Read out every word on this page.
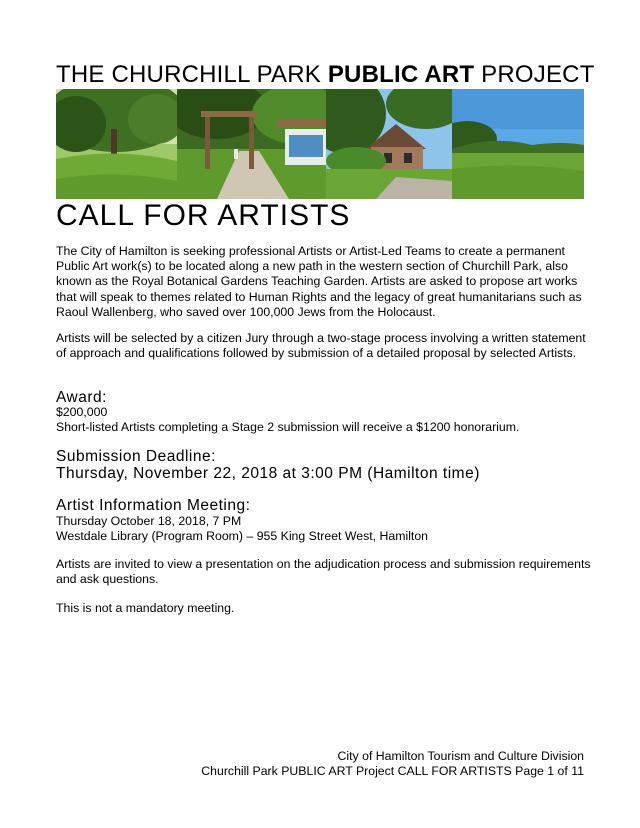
THE CHURCHILL PARK PUBLIC ART PROJECT
CALL FOR ARTISTS

The City of Hamilton is seeking professional Artists or Artist-Led Teams to create a permanent Public Art work(s) to be located along a new path in the western section of Churchill Park, also known as the Royal Botanical Gardens Teaching Garden. Artists are asked to propose art works that will speak to themes related to Human Rights and the legacy of great humanitarians such as Raoul Wallenberg, who saved over 100,000 Jews from the Holocaust.

Artists will be selected by a citizen Jury through a two-stage process involving a written statement of approach and qualifications followed by submission of a detailed proposal by selected Artists.

Award:
$200,000
Short-listed Artists completing a Stage 2 submission will receive a $1200 honorarium.
Submission Deadline:
Thursday, November 22, 2018 at 3:00 PM (Hamilton time)
Artist Information Meeting:
Thursday October 18, 2018, 7 PM
Westdale Library (Program Room) – 955 King Street West, Hamilton

Artists are invited to view a presentation on the adjudication process and submission requirements and ask questions.

This is not a mandatory meeting.
City of Hamilton Tourism and Culture Division
Churchill Park PUBLIC ART Project CALL FOR ARTISTS Page 1 of 11
